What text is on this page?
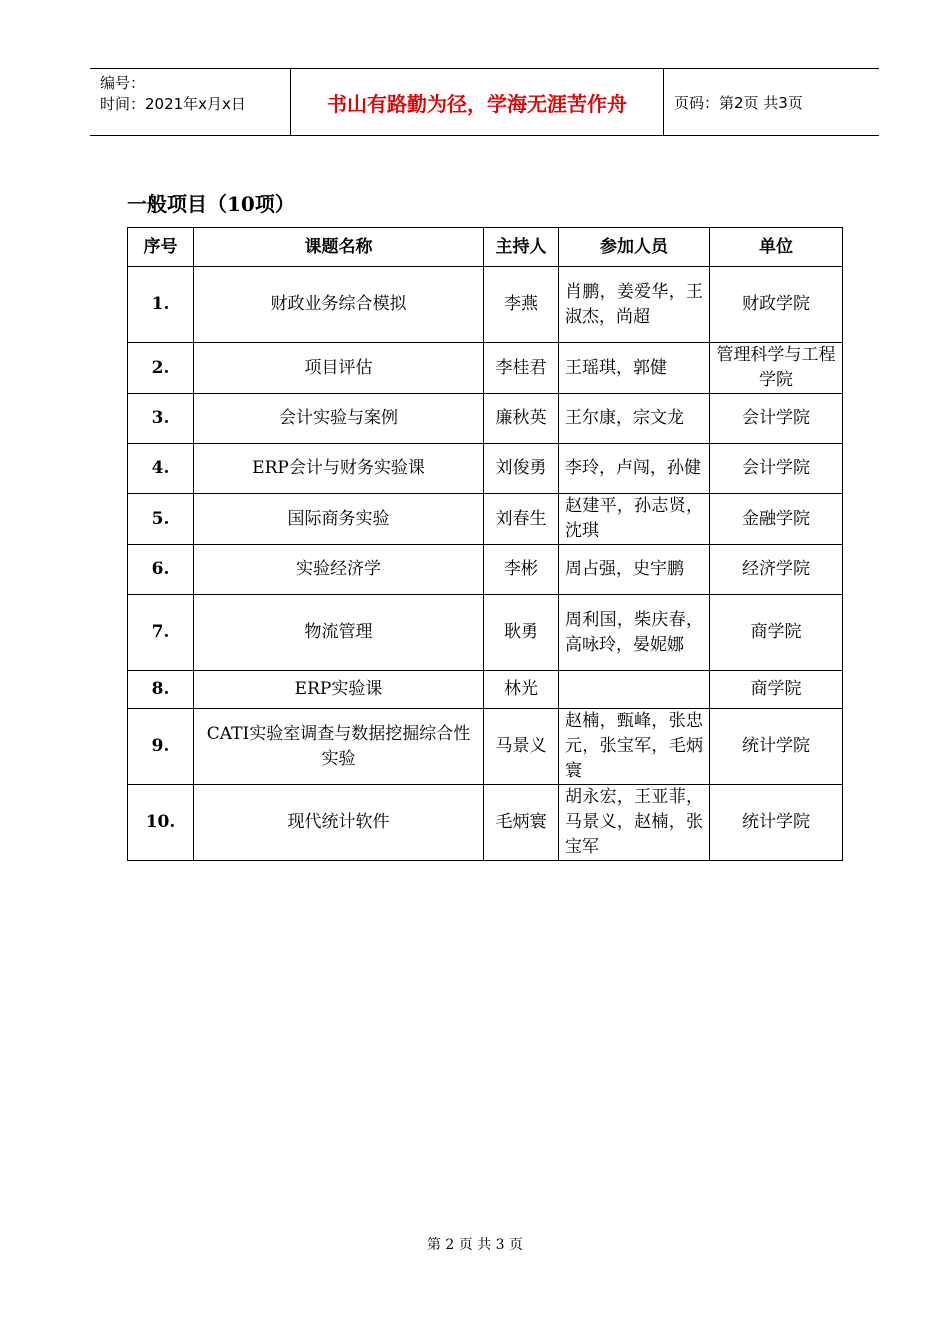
编号：
时间：2021年x月x日	书山有路勤为径，学海无涯苦作舟	页码：第2页 共3页
一般项目（10项）
序号	课题名称	主持人	参加人员	单位
1.	财政业务综合模拟	李燕	肖鹏，姜爱华，王淑杰，尚超	财政学院
2.	项目评估	李桂君	王瑶琪，郭健	管理科学与工程学院
3.	会计实验与案例	廉秋英	王尔康，宗文龙	会计学院
4.	ERP会计与财务实验课	刘俊勇	李玲，卢闯，孙健	会计学院
5.	国际商务实验	刘春生	赵建平，孙志贤，沈琪	金融学院
6.	实验经济学	李彬	周占强，史宇鹏	经济学院
7.	物流管理	耿勇	周利国，柴庆春，高咏玲，晏妮娜	商学院
8.	ERP实验课	林光		商学院
9.	CATI实验室调查与数据挖掘综合性实验	马景义	赵楠，甄峰，张忠元，张宝军，毛炳寰	统计学院
10.	现代统计软件	毛炳寰	胡永宏，王亚菲，马景义，赵楠，张宝军	统计学院
第 2 页 共 3 页
